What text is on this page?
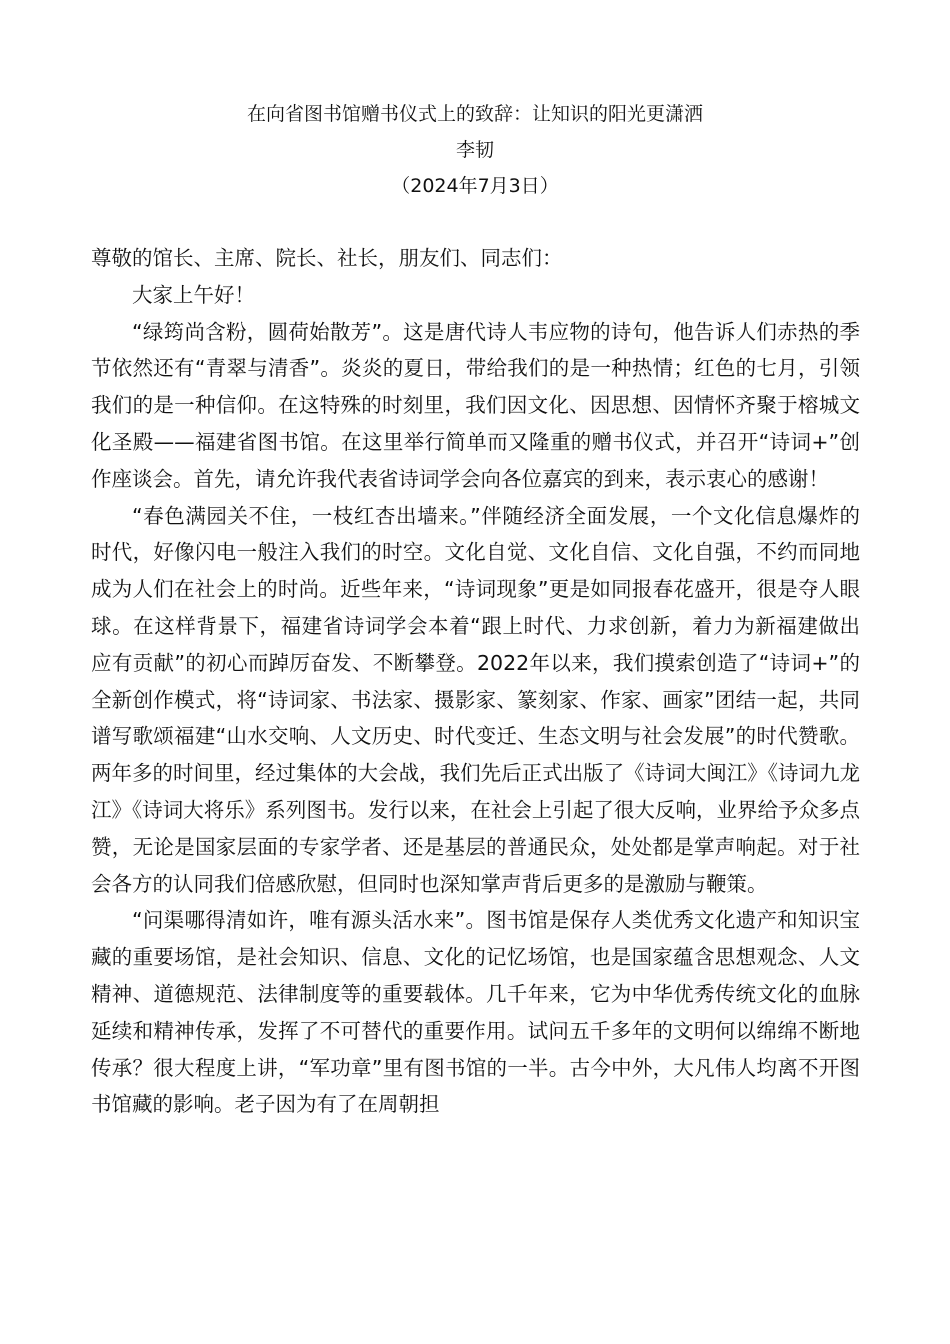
在向省图书馆赠书仪式上的致辞：让知识的阳光更潇洒
李韧
（2024年7月3日）

尊敬的馆长、主席、院长、社长，朋友们、同志们：

大家上午好！

“绿筠尚含粉，圆荷始散芳”。这是唐代诗人韦应物的诗句，他告诉人们赤热的季节依然还有“青翠与清香”。炎炎的夏日，带给我们的是一种热情；红色的七月，引领我们的是一种信仰。在这特殊的时刻里，我们因文化、因思想、因情怀齐聚于榕城文化圣殿——福建省图书馆。在这里举行简单而又隆重的赠书仪式，并召开“诗词+”创作座谈会。首先，请允许我代表省诗词学会向各位嘉宾的到来，表示衷心的感谢！

“春色满园关不住，一枝红杏出墙来。”伴随经济全面发展，一个文化信息爆炸的时代，好像闪电一般注入我们的时空。文化自觉、文化自信、文化自强，不约而同地成为人们在社会上的时尚。近些年来，“诗词现象”更是如同报春花盛开，很是夺人眼球。在这样背景下，福建省诗词学会本着“跟上时代、力求创新，着力为新福建做出应有贡献”的初心而踔厉奋发、不断攀登。2022年以来，我们摸索创造了“诗词+”的全新创作模式，将“诗词家、书法家、摄影家、篆刻家、作家、画家”团结一起，共同谱写歌颂福建“山水交响、人文历史、时代变迁、生态文明与社会发展”的时代赞歌。两年多的时间里，经过集体的大会战，我们先后正式出版了《诗词大闽江》《诗词九龙江》《诗词大将乐》系列图书。发行以来，在社会上引起了很大反响，业界给予众多点赞，无论是国家层面的专家学者、还是基层的普通民众，处处都是掌声响起。对于社会各方的认同我们倍感欣慰，但同时也深知掌声背后更多的是激励与鞭策。

“问渠哪得清如许，唯有源头活水来”。图书馆是保存人类优秀文化遗产和知识宝藏的重要场馆，是社会知识、信息、文化的记忆场馆，也是国家蕴含思想观念、人文精神、道德规范、法律制度等的重要载体。几千年来，它为中华优秀传统文化的血脉延续和精神传承，发挥了不可替代的重要作用。试问五千多年的文明何以绵绵不断地传承？很大程度上讲，“军功章”里有图书馆的一半。古今中外，大凡伟人均离不开图书馆藏的影响。老子因为有了在周朝担
